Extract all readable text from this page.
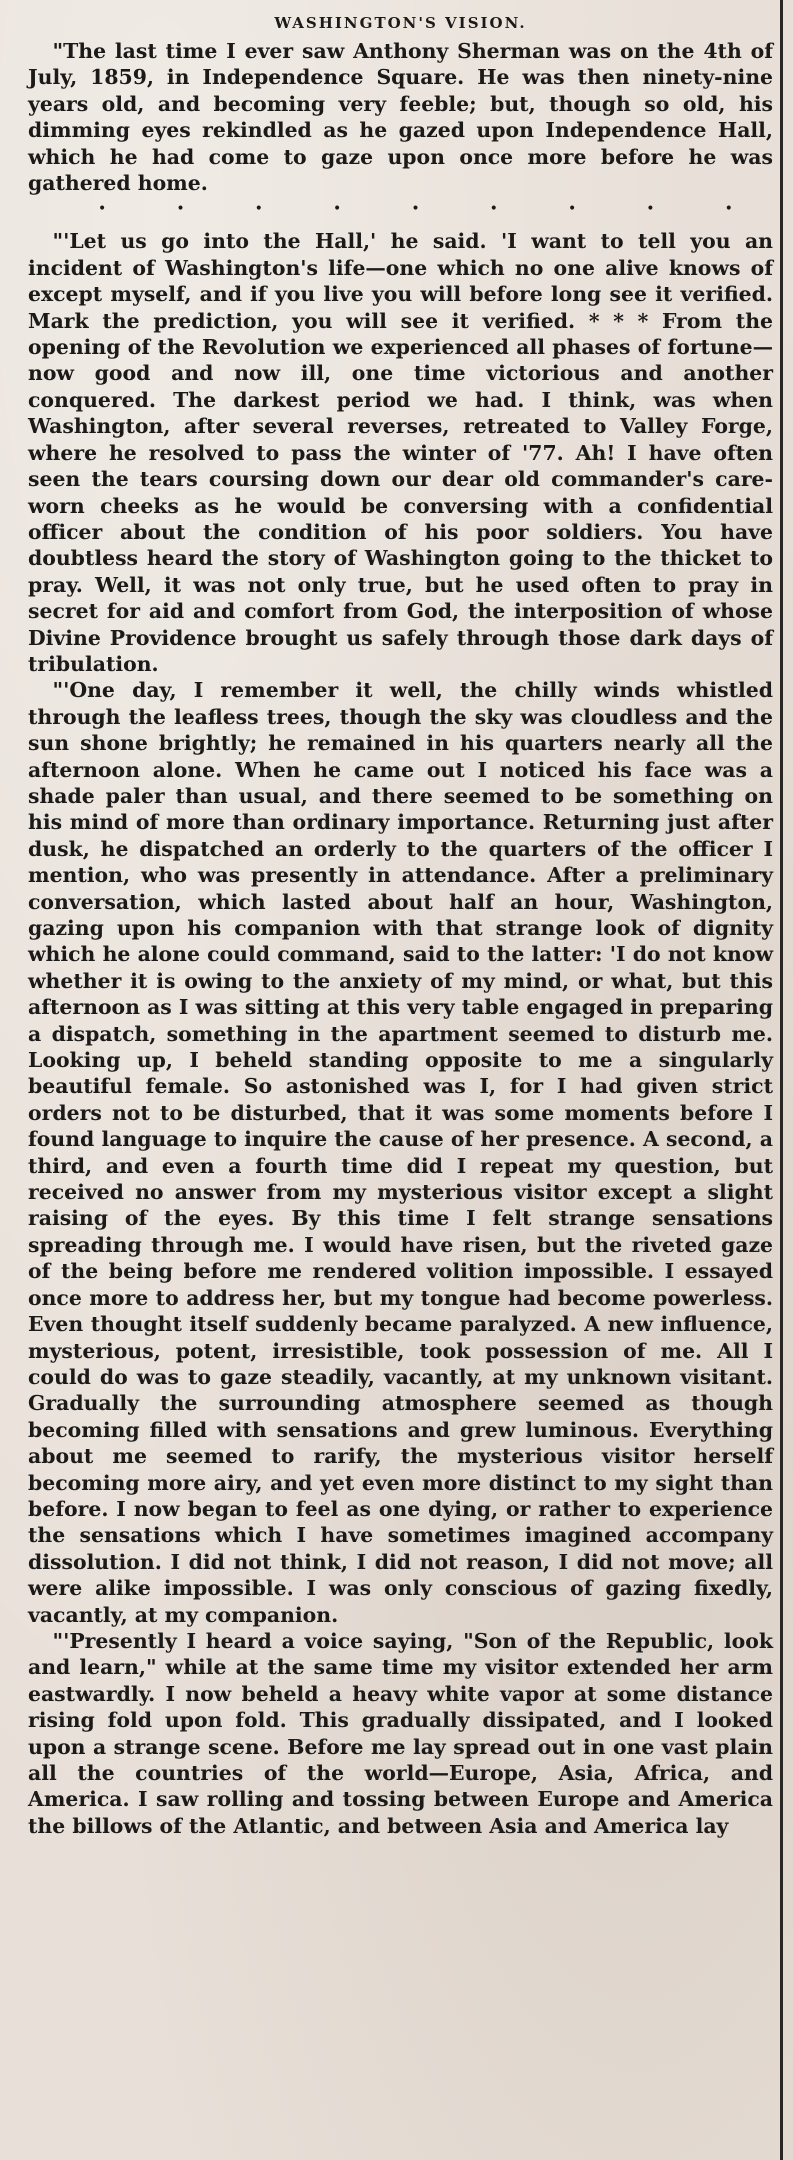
WASHINGTON'S VISION.

"The last time I ever saw Anthony Sherman was on the 4th of July, 1859, in Independence Square. He was then ninety-nine years old, and becoming very feeble; but, though so old, his dimming eyes rekindled as he gazed upon Independence Hall, which he had come to gaze upon once more before he was gathered home.

•	•	•	•	•	•	•	•	•

"'Let us go into the Hall,' he said. 'I want to tell you an incident of Washington's life—one which no one alive knows of except myself, and if you live you will before long see it verified. Mark the prediction, you will see it verified. * * * From the opening of the Revolution we experienced all phases of fortune—now good and now ill, one time victorious and another conquered. The darkest period we had. I think, was when Washington, after several reverses, retreated to Valley Forge, where he resolved to pass the winter of '77. Ah! I have often seen the tears coursing down our dear old commander's care-worn cheeks as he would be conversing with a confidential officer about the condition of his poor soldiers. You have doubtless heard the story of Washington going to the thicket to pray. Well, it was not only true, but he used often to pray in secret for aid and comfort from God, the interposition of whose Divine Providence brought us safely through those dark days of tribulation.

"'One day, I remember it well, the chilly winds whistled through the leafless trees, though the sky was cloudless and the sun shone brightly; he remained in his quarters nearly all the afternoon alone. When he came out I noticed his face was a shade paler than usual, and there seemed to be something on his mind of more than ordinary importance. Returning just after dusk, he dispatched an orderly to the quarters of the officer I mention, who was presently in attendance. After a preliminary conversation, which lasted about half an hour, Washington, gazing upon his companion with that strange look of dignity which he alone could command, said to the latter: 'I do not know whether it is owing to the anxiety of my mind, or what, but this afternoon as I was sitting at this very table engaged in preparing a dispatch, something in the apartment seemed to disturb me. Looking up, I beheld standing opposite to me a singularly beautiful female. So astonished was I, for I had given strict orders not to be disturbed, that it was some moments before I found language to inquire the cause of her presence. A second, a third, and even a fourth time did I repeat my question, but received no answer from my mysterious visitor except a slight raising of the eyes. By this time I felt strange sensations spreading through me. I would have risen, but the riveted gaze of the being before me rendered volition impossible. I essayed once more to address her, but my tongue had become powerless. Even thought itself suddenly became paralyzed. A new influence, mysterious, potent, irresistible, took possession of me. All I could do was to gaze steadily, vacantly, at my unknown visitant. Gradually the surrounding atmosphere seemed as though becoming filled with sensations and grew luminous. Everything about me seemed to rarify, the mysterious visitor herself becoming more airy, and yet even more distinct to my sight than before. I now began to feel as one dying, or rather to experience the sensations which I have sometimes imagined accompany dissolution. I did not think, I did not reason, I did not move; all were alike impossible. I was only conscious of gazing fixedly, vacantly, at my companion.

"'Presently I heard a voice saying, "Son of the Republic, look and learn," while at the same time my visitor extended her arm eastwardly. I now beheld a heavy white vapor at some distance rising fold upon fold. This gradually dissipated, and I looked upon a strange scene. Before me lay spread out in one vast plain all the countries of the world—Europe, Asia, Africa, and America. I saw rolling and tossing between Europe and America the billows of the Atlantic, and between Asia and America lay
